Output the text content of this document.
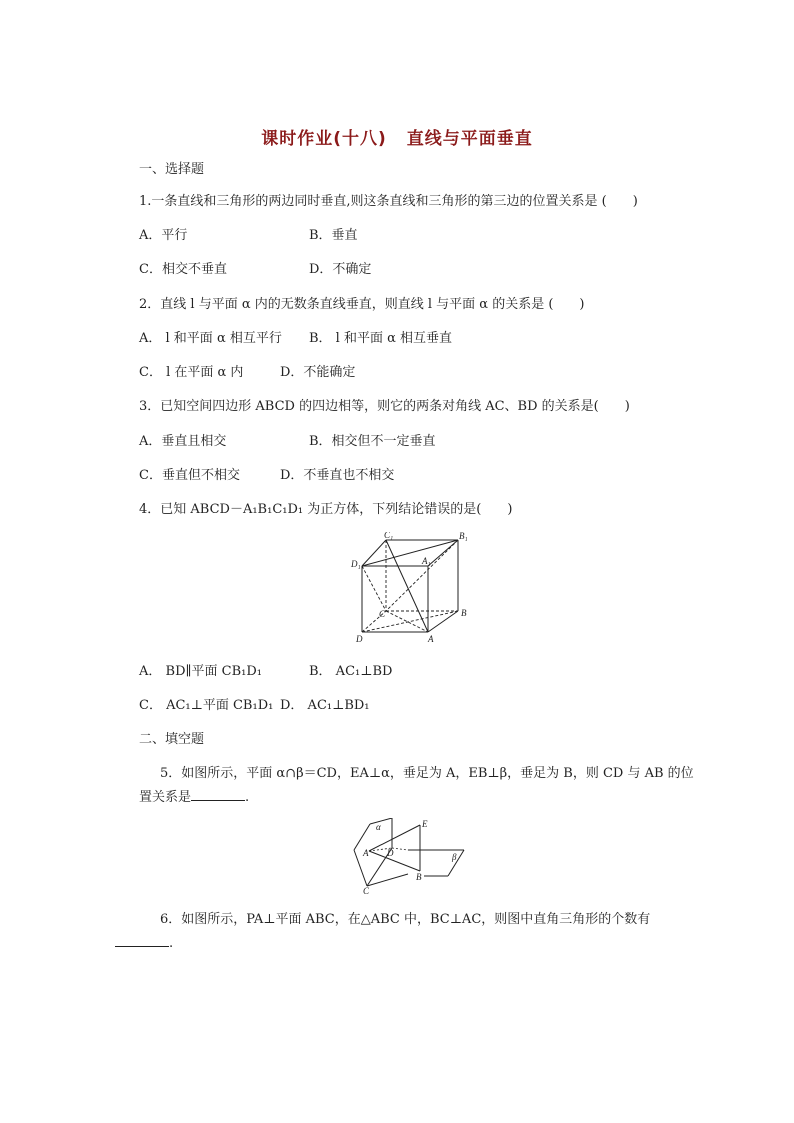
课时作业(十八) 直线与平面垂直
一、选择题
1.一条直线和三角形的两边同时垂直,则这条直线和三角形的第三边的位置关系是 (　　)
A．平行	B．垂直
C．相交不垂直	D．不确定
2．直线 l 与平面 α 内的无数条直线垂直，则直线 l 与平面 α 的关系是 (　　)
A． l 和平面 α 相互平行 B． l 和平面 α 相互垂直
C． l 在平面 α 内	D．不能确定
3．已知空间四边形 ABCD 的四边相等，则它的两条对角线 AC、BD 的关系是(　　)
A．垂直且相交	B．相交但不一定垂直
C．垂直但不相交	D．不垂直也不相交
4．已知 ABCD－A₁B₁C₁D₁ 为正方体，下列结论错误的是(　　)
C₁	B₁
D₁	A₁
C	B
D	A
A． BD∥平面 CB₁D₁	B． AC₁⊥BD
C． AC₁⊥平面 CB₁D₁ D． AC₁⊥BD₁
二、填空题
5．如图所示，平面 α∩β＝CD，EA⊥α，垂足为 A，EB⊥β，垂足为 B，则 CD 与 AB 的位
置关系是	.
α	E
A D	β
B
C
6．如图所示，PA⊥平面 ABC，在△ABC 中，BC⊥AC，则图中直角三角形的个数有
.
